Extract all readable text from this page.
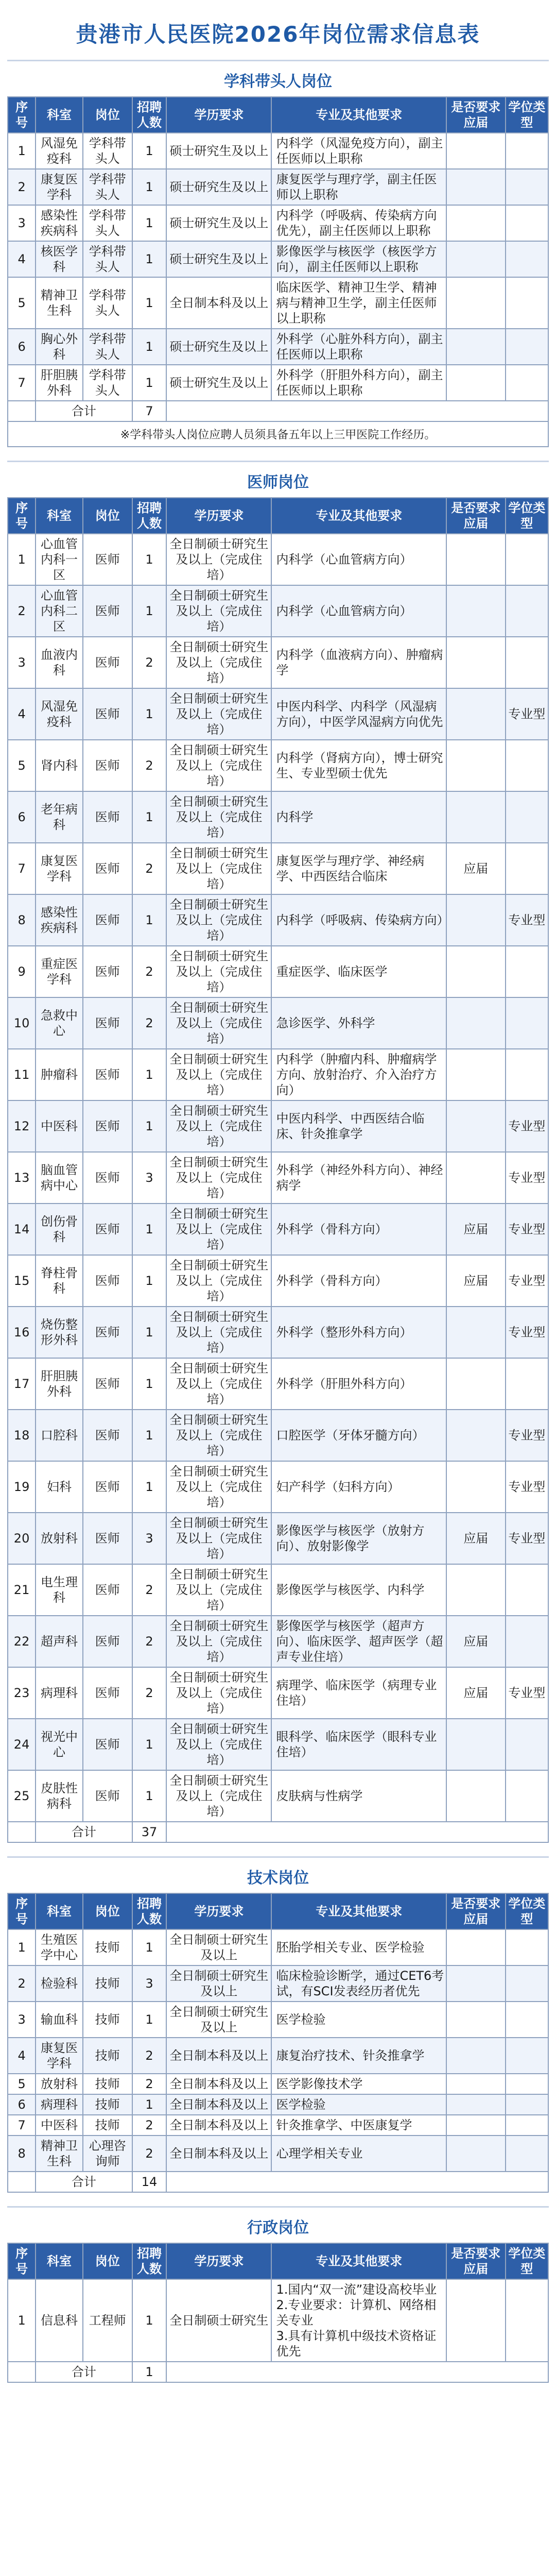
贵港市人民医院2026年岗位需求信息表
学科带头人岗位
序号	科室	岗位	招聘人数	学历要求	专业及其他要求	是否要求应届	学位类型
1	风湿免疫科	学科带头人	1	硕士研究生及以上	内科学（风湿免疫方向），副主任医师以上职称		
2	康复医学科	学科带头人	1	硕士研究生及以上	康复医学与理疗学，副主任医师以上职称		
3	感染性疾病科	学科带头人	1	硕士研究生及以上	内科学（呼吸病、传染病方向优先），副主任医师以上职称		
4	核医学科	学科带头人	1	硕士研究生及以上	影像医学与核医学（核医学方向），副主任医师以上职称		
5	精神卫生科	学科带头人	1	全日制本科及以上	临床医学、精神卫生学、精神病与精神卫生学，副主任医师以上职称		
6	胸心外科	学科带头人	1	硕士研究生及以上	外科学（心脏外科方向），副主任医师以上职称		
7	肝胆胰外科	学科带头人	1	硕士研究生及以上	外科学（肝胆外科方向），副主任医师以上职称		
	合计		7				
※学科带头人岗位应聘人员须具备五年以上三甲医院工作经历。
医师岗位
序号	科室	岗位	招聘人数	学历要求	专业及其他要求	是否要求应届	学位类型
1	心血管内科一区	医师	1	全日制硕士研究生及以上（完成住培）	内科学（心血管病方向）		
2	心血管内科二区	医师	1	全日制硕士研究生及以上（完成住培）	内科学（心血管病方向）		
3	血液内科	医师	2	全日制硕士研究生及以上（完成住培）	内科学（血液病方向）、肿瘤病学		
4	风湿免疫科	医师	1	全日制硕士研究生及以上（完成住培）	中医内科学、内科学（风湿病方向），中医学风湿病方向优先		专业型
5	肾内科	医师	2	全日制硕士研究生及以上（完成住培）	内科学（肾病方向），博士研究生、专业型硕士优先		
6	老年病科	医师	1	全日制硕士研究生及以上（完成住培）	内科学		
7	康复医学科	医师	2	全日制硕士研究生及以上（完成住培）	康复医学与理疗学、神经病学、中西医结合临床	应届	
8	感染性疾病科	医师	1	全日制硕士研究生及以上（完成住培）	内科学（呼吸病、传染病方向）		专业型
9	重症医学科	医师	2	全日制硕士研究生及以上（完成住培）	重症医学、临床医学		
10	急救中心	医师	2	全日制硕士研究生及以上（完成住培）	急诊医学、外科学		
11	肿瘤科	医师	1	全日制硕士研究生及以上（完成住培）	内科学（肿瘤内科、肿瘤病学方向、放射治疗、介入治疗方向）		
12	中医科	医师	1	全日制硕士研究生及以上（完成住培）	中医内科学、中西医结合临床、针灸推拿学		专业型
13	脑血管病中心	医师	3	全日制硕士研究生及以上（完成住培）	外科学（神经外科方向）、神经病学		专业型
14	创伤骨科	医师	1	全日制硕士研究生及以上（完成住培）	外科学（骨科方向）	应届	专业型
15	脊柱骨科	医师	1	全日制硕士研究生及以上（完成住培）	外科学（骨科方向）	应届	专业型
16	烧伤整形外科	医师	1	全日制硕士研究生及以上（完成住培）	外科学（整形外科方向）		专业型
17	肝胆胰外科	医师	1	全日制硕士研究生及以上（完成住培）	外科学（肝胆外科方向）		
18	口腔科	医师	1	全日制硕士研究生及以上（完成住培）	口腔医学（牙体牙髓方向）		专业型
19	妇科	医师	1	全日制硕士研究生及以上（完成住培）	妇产科学（妇科方向）		专业型
20	放射科	医师	3	全日制硕士研究生及以上（完成住培）	影像医学与核医学（放射方向）、放射影像学	应届	专业型
21	电生理科	医师	2	全日制硕士研究生及以上（完成住培）	影像医学与核医学、内科学		
22	超声科	医师	2	全日制硕士研究生及以上（完成住培）	影像医学与核医学（超声方向）、临床医学、超声医学（超声专业住培）	应届	
23	病理科	医师	2	全日制硕士研究生及以上（完成住培）	病理学、临床医学（病理专业住培）	应届	专业型
24	视光中心	医师	1	全日制硕士研究生及以上（完成住培）	眼科学、临床医学（眼科专业住培）		
25	皮肤性病科	医师	1	全日制硕士研究生及以上（完成住培）	皮肤病与性病学		
	合计		37				
技术岗位
序号	科室	岗位	招聘人数	学历要求	专业及其他要求	是否要求应届	学位类型
1	生殖医学中心	技师	1	全日制硕士研究生及以上	胚胎学相关专业、医学检验		
2	检验科	技师	3	全日制硕士研究生及以上	临床检验诊断学，通过CET6考试，有SCI发表经历者优先		
3	输血科	技师	1	全日制硕士研究生及以上	医学检验		
4	康复医学科	技师	2	全日制本科及以上	康复治疗技术、针灸推拿学		
5	放射科	技师	2	全日制本科及以上	医学影像技术学		
6	病理科	技师	1	全日制本科及以上	医学检验		
7	中医科	技师	2	全日制本科及以上	针灸推拿学、中医康复学		
8	精神卫生科	心理咨询师	2	全日制本科及以上	心理学相关专业		
	合计		14				
行政岗位
序号	科室	岗位	招聘人数	学历要求	专业及其他要求	是否要求应届	学位类型
1	信息科	工程师	1	全日制硕士研究生	1.国内“双一流”建设高校毕业
2.专业要求：计算机、网络相关专业
3.具有计算机中级技术资格证优先		
	合计		1				
